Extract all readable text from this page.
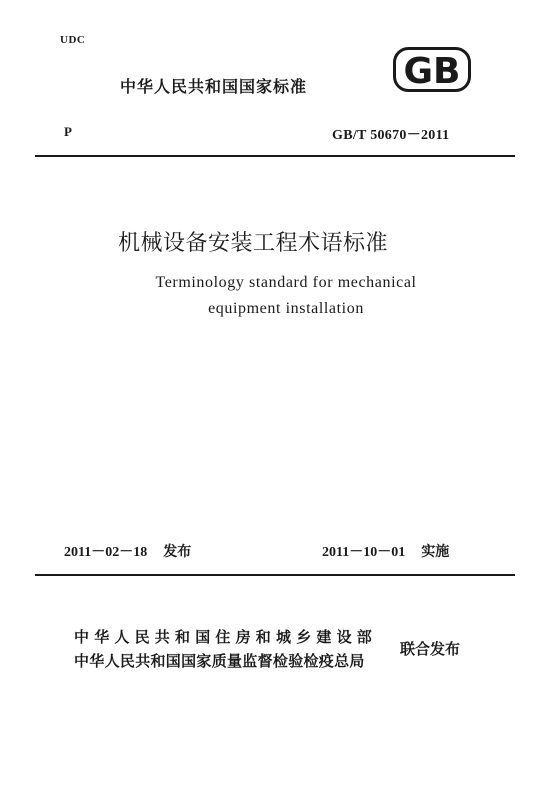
UDC
中华人民共和国国家标准	GB
P	GB/T 50670－2011
机械设备安装工程术语标准
Terminology standard for mechanical
equipment installation
2011－02－18 发布	2011－10－01 实施
中华人民共和国住房和城乡建设部
中华人民共和国国家质量监督检验检疫总局
联合发布
